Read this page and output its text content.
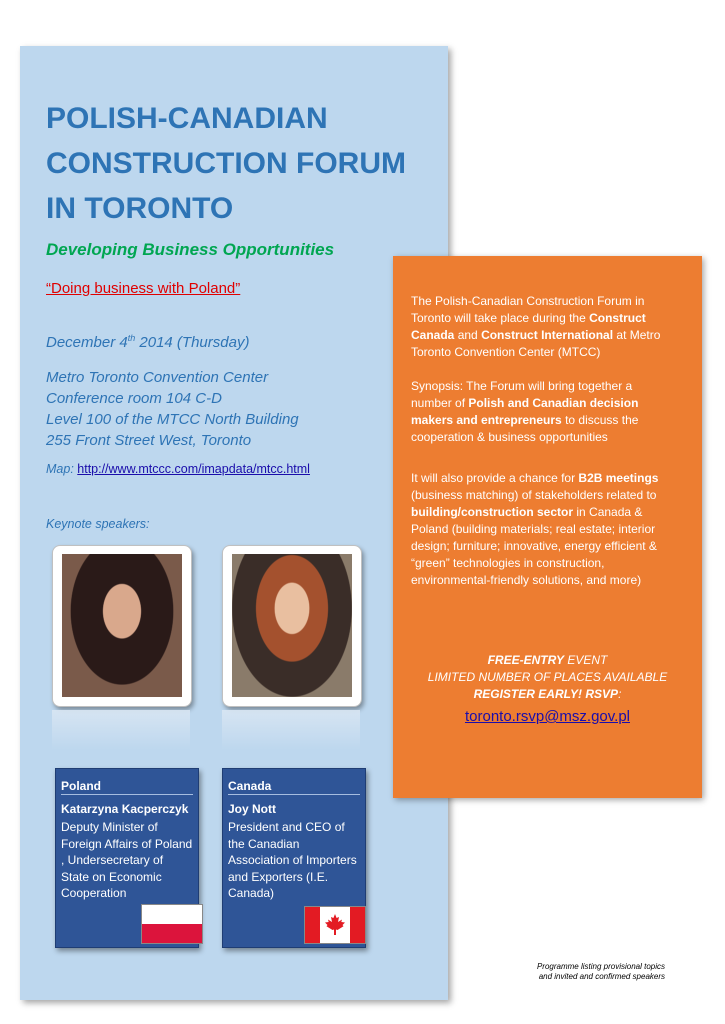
POLISH-CANADIAN
CONSTRUCTION FORUM
IN TORONTO

Developing Business Opportunities

“Doing business with Poland”

December 4th 2014 (Thursday)

Metro Toronto Convention Center
Conference room 104 C-D
Level 100 of the MTCC North Building
255 Front Street West, Toronto

Map: http://www.mtccc.com/imapdata/mtcc.html

Keynote speakers:

Poland
Katarzyna Kacperczyk
Deputy Minister of Foreign Affairs of Poland , Undersecretary of State on Economic Cooperation
Canada
Joy Nott
President and CEO of the Canadian Association of Importers and Exporters (I.E. Canada)

The Polish-Canadian Construction Forum in Toronto will take place during the Construct Canada and Construct International at Metro Toronto Convention Center (MTCC)

Synopsis: The Forum will bring together a number of Polish and Canadian decision makers and entrepreneurs to discuss the cooperation & business opportunities

It will also provide a chance for B2B meetings (business matching) of stakeholders related to building/construction sector in Canada & Poland (building materials; real estate; interior design; furniture; innovative, energy efficient & “green” technologies in construction, environmental-friendly solutions, and more)

FREE-ENTRY EVENT
LIMITED NUMBER OF PLACES AVAILABLE
REGISTER EARLY! RSVP:
toronto.rsvp@msz.gov.pl

Programme listing provisional topics
and invited and confirmed speakers
